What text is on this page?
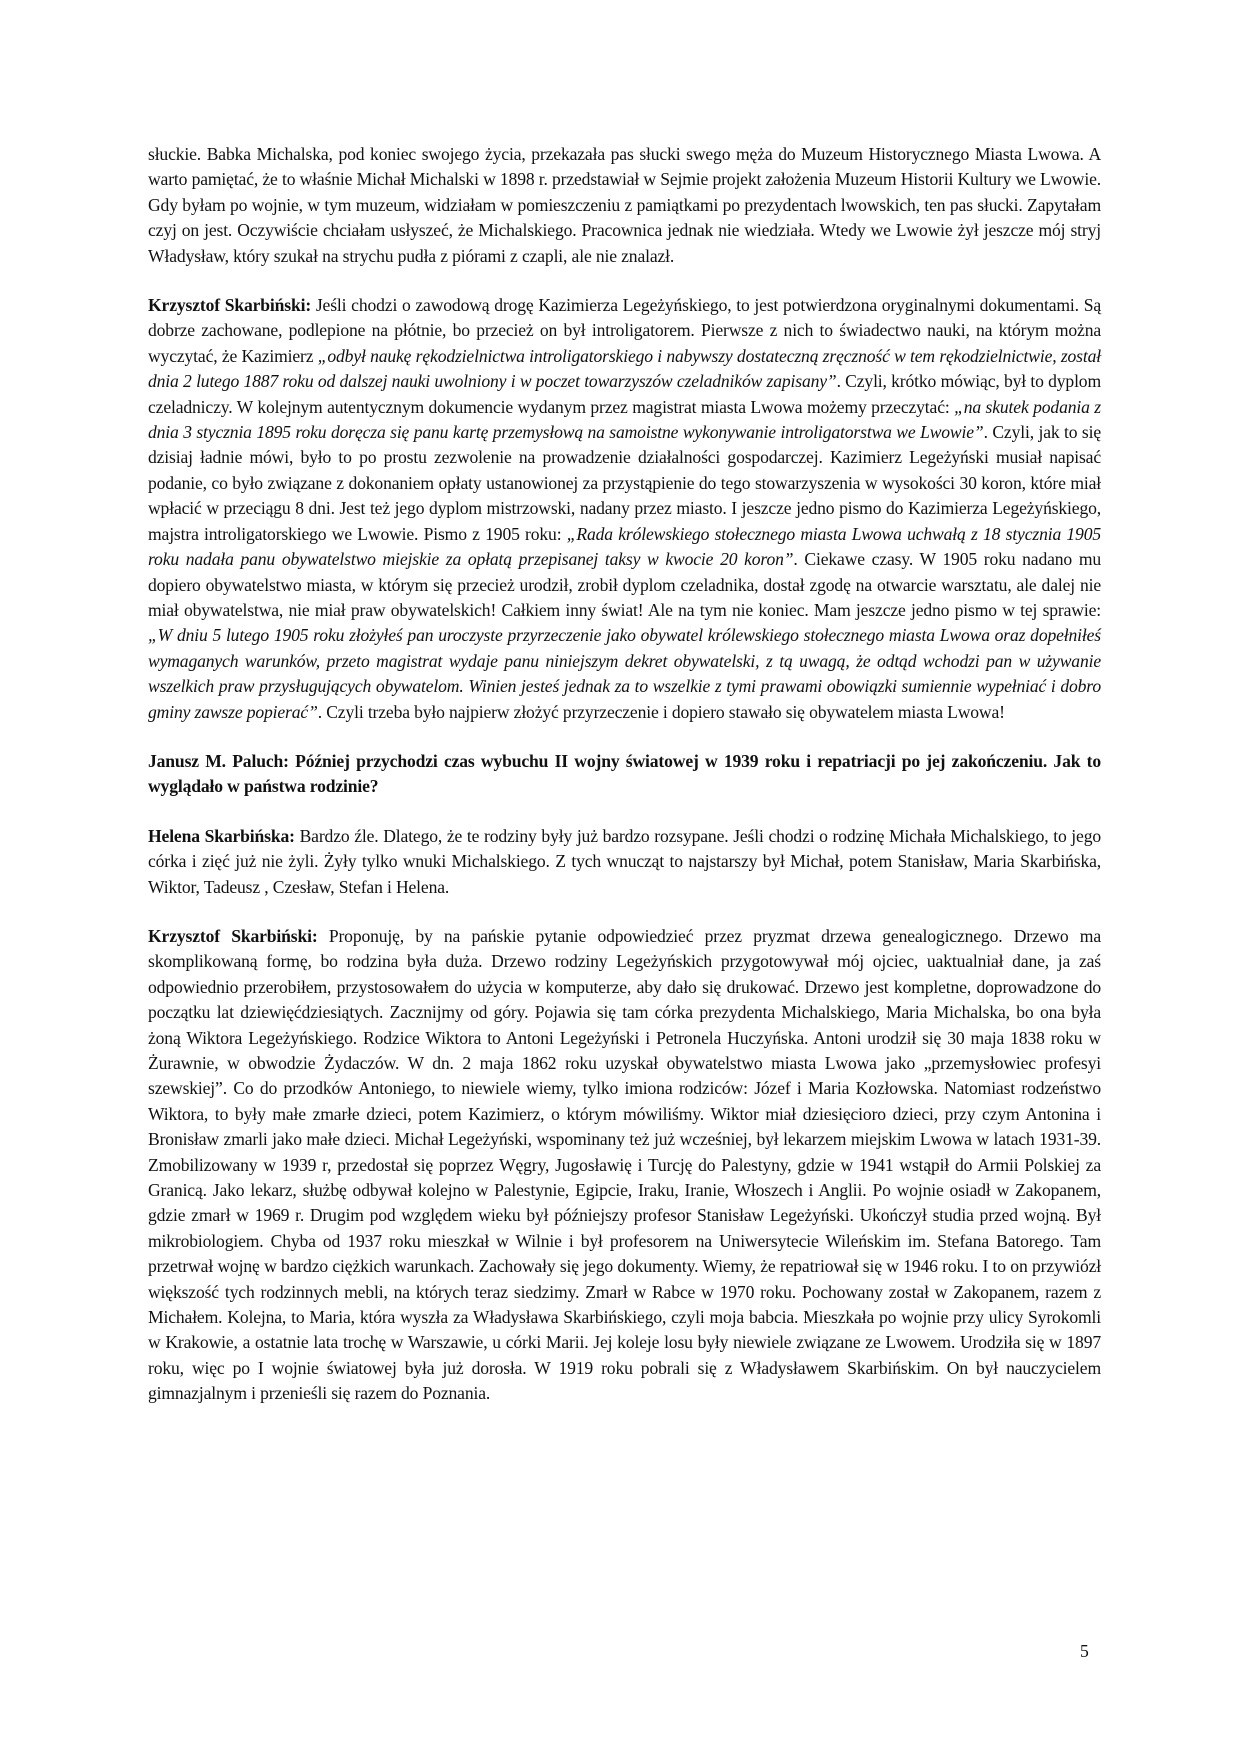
słuckie. Babka Michalska, pod koniec swojego życia, przekazała pas słucki swego męża do Muzeum Historycznego Miasta Lwowa. A warto pamiętać, że to właśnie Michał Michalski w 1898 r. przedstawiał w Sejmie projekt założenia Muzeum Historii Kultury we Lwowie. Gdy byłam po wojnie, w tym muzeum, widziałam w pomieszczeniu z pamiątkami po prezydentach lwowskich, ten pas słucki. Zapytałam czyj on jest. Oczywiście chciałam usłyszeć, że Michalskiego. Pracownica jednak nie wiedziała. Wtedy we Lwowie żył jeszcze mój stryj Władysław, który szukał na strychu pudła z piórami z czapli, ale nie znalazł.

Krzysztof Skarbiński: Jeśli chodzi o zawodową drogę Kazimierza Legeżyńskiego, to jest potwierdzona oryginalnymi dokumentami. Są dobrze zachowane, podlepione na płótnie, bo przecież on był introligatorem. Pierwsze z nich to świadectwo nauki, na którym można wyczytać, że Kazimierz „odbył naukę rękodzielnictwa introligatorskiego i nabywszy dostateczną zręczność w tem rękodzielnictwie, został dnia 2 lutego 1887 roku od dalszej nauki uwolniony i w poczet towarzyszów czeladników zapisany”. Czyli, krótko mówiąc, był to dyplom czeladniczy. W kolejnym autentycznym dokumencie wydanym przez magistrat miasta Lwowa możemy przeczytać: „na skutek podania z dnia 3 stycznia 1895 roku doręcza się panu kartę przemysłową na samoistne wykonywanie introligatorstwa we Lwowie”. Czyli, jak to się dzisiaj ładnie mówi, było to po prostu zezwolenie na prowadzenie działalności gospodarczej. Kazimierz Legeżyński musiał napisać podanie, co było związane z dokonaniem opłaty ustanowionej za przystąpienie do tego stowarzyszenia w wysokości 30 koron, które miał wpłacić w przeciągu 8 dni. Jest też jego dyplom mistrzowski, nadany przez miasto. I jeszcze jedno pismo do Kazimierza Legeżyńskiego, majstra introligatorskiego we Lwowie. Pismo z 1905 roku: „Rada królewskiego stołecznego miasta Lwowa uchwałą z 18 stycznia 1905 roku nadała panu obywatelstwo miejskie za opłatą przepisanej taksy w kwocie 20 koron”. Ciekawe czasy. W 1905 roku nadano mu dopiero obywatelstwo miasta, w którym się przecież urodził, zrobił dyplom czeladnika, dostał zgodę na otwarcie warsztatu, ale dalej nie miał obywatelstwa, nie miał praw obywatelskich! Całkiem inny świat! Ale na tym nie koniec. Mam jeszcze jedno pismo w tej sprawie: „W dniu 5 lutego 1905 roku złożyłeś pan uroczyste przyrzeczenie jako obywatel królewskiego stołecznego miasta Lwowa oraz dopełniłeś wymaganych warunków, przeto magistrat wydaje panu niniejszym dekret obywatelski, z tą uwagą, że odtąd wchodzi pan w używanie wszelkich praw przysługujących obywatelom. Winien jesteś jednak za to wszelkie z tymi prawami obowiązki sumiennie wypełniać i dobro gminy zawsze popierać”. Czyli trzeba było najpierw złożyć przyrzeczenie i dopiero stawało się obywatelem miasta Lwowa!

Janusz M. Paluch: Później przychodzi czas wybuchu II wojny światowej w 1939 roku i repatriacji po jej zakończeniu. Jak to wyglądało w państwa rodzinie?

Helena Skarbińska: Bardzo źle. Dlatego, że te rodziny były już bardzo rozsypane. Jeśli chodzi o rodzinę Michała Michalskiego, to jego córka i zięć już nie żyli. Żyły tylko wnuki Michalskiego. Z tych wnucząt to najstarszy był Michał, potem Stanisław, Maria Skarbińska, Wiktor, Tadeusz , Czesław, Stefan i Helena.

Krzysztof Skarbiński: Proponuję, by na pańskie pytanie odpowiedzieć przez pryzmat drzewa genealogicznego. Drzewo ma skomplikowaną formę, bo rodzina była duża. Drzewo rodziny Legeżyńskich przygotowywał mój ojciec, uaktualniał dane, ja zaś odpowiednio przerobiłem, przystosowałem do użycia w komputerze, aby dało się drukować. Drzewo jest kompletne, doprowadzone do początku lat dziewięćdziesiątych. Zacznijmy od góry. Pojawia się tam córka prezydenta Michalskiego, Maria Michalska, bo ona była żoną Wiktora Legeżyńskiego. Rodzice Wiktora to Antoni Legeżyński i Petronela Huczyńska. Antoni urodził się 30 maja 1838 roku w Żurawnie, w obwodzie Żydaczów. W dn. 2 maja 1862 roku uzyskał obywatelstwo miasta Lwowa jako „przemysłowiec profesyi szewskiej”. Co do przodków Antoniego, to niewiele wiemy, tylko imiona rodziców: Józef i Maria Kozłowska. Natomiast rodzeństwo Wiktora, to były małe zmarłe dzieci, potem Kazimierz, o którym mówiliśmy. Wiktor miał dziesięcioro dzieci, przy czym Antonina i Bronisław zmarli jako małe dzieci. Michał Legeżyński, wspominany też już wcześniej, był lekarzem miejskim Lwowa w latach 1931-39. Zmobilizowany w 1939 r, przedostał się poprzez Węgry, Jugosławię i Turcję do Palestyny, gdzie w 1941 wstąpił do Armii Polskiej za Granicą. Jako lekarz, służbę odbywał kolejno w Palestynie, Egipcie, Iraku, Iranie, Włoszech i Anglii. Po wojnie osiadł w Zakopanem, gdzie zmarł w 1969 r. Drugim pod względem wieku był późniejszy profesor Stanisław Legeżyński. Ukończył studia przed wojną. Był mikrobiologiem. Chyba od 1937 roku mieszkał w Wilnie i był profesorem na Uniwersytecie Wileńskim im. Stefana Batorego. Tam przetrwał wojnę w bardzo ciężkich warunkach. Zachowały się jego dokumenty. Wiemy, że repatriował się w 1946 roku. I to on przywiózł większość tych rodzinnych mebli, na których teraz siedzimy. Zmarł w Rabce w 1970 roku. Pochowany został w Zakopanem, razem z Michałem. Kolejna, to Maria, która wyszła za Władysława Skarbińskiego, czyli moja babcia. Mieszkała po wojnie przy ulicy Syrokomli w Krakowie, a ostatnie lata trochę w Warszawie, u córki Marii. Jej koleje losu były niewiele związane ze Lwowem. Urodziła się w 1897 roku, więc po I wojnie światowej była już dorosła. W 1919 roku pobrali się z Władysławem Skarbińskim. On był nauczycielem gimnazjalnym i przenieśli się razem do Poznania.

5
